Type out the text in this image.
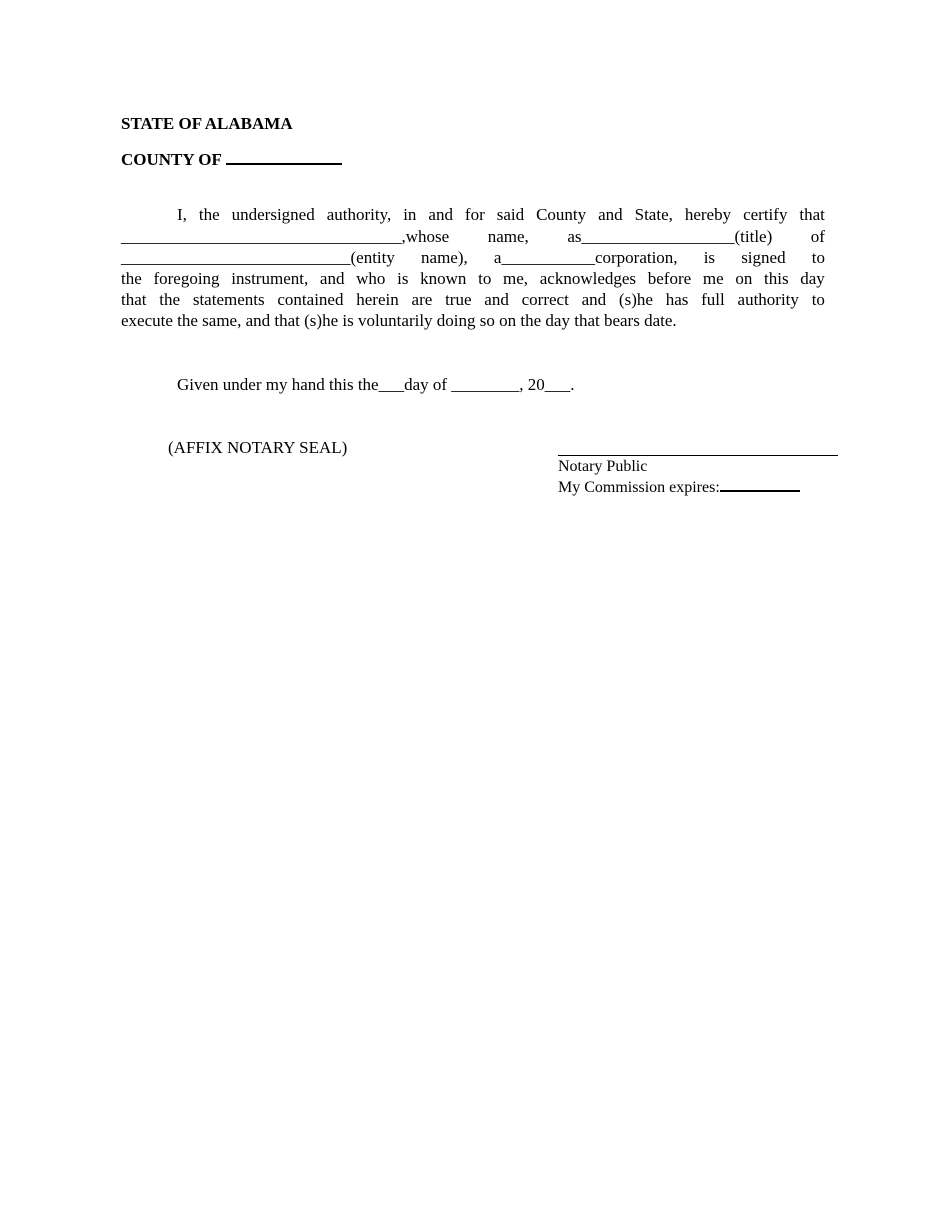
STATE OF ALABAMA
COUNTY OF
I, the undersigned authority, in and for said County and State, hereby certify that
_________________________________,whose name, as__________________(title) of
___________________________(entity name), a___________corporation, is signed to
the foregoing instrument, and who is known to me, acknowledges before me on this day
that the statements contained herein are true and correct and (s)he has full authority to
execute the same, and that (s)he is voluntarily doing so on the day that bears date.
Given under my hand this the___day of ________, 20___.
(AFFIX NOTARY SEAL)
Notary Public
My Commission expires:
